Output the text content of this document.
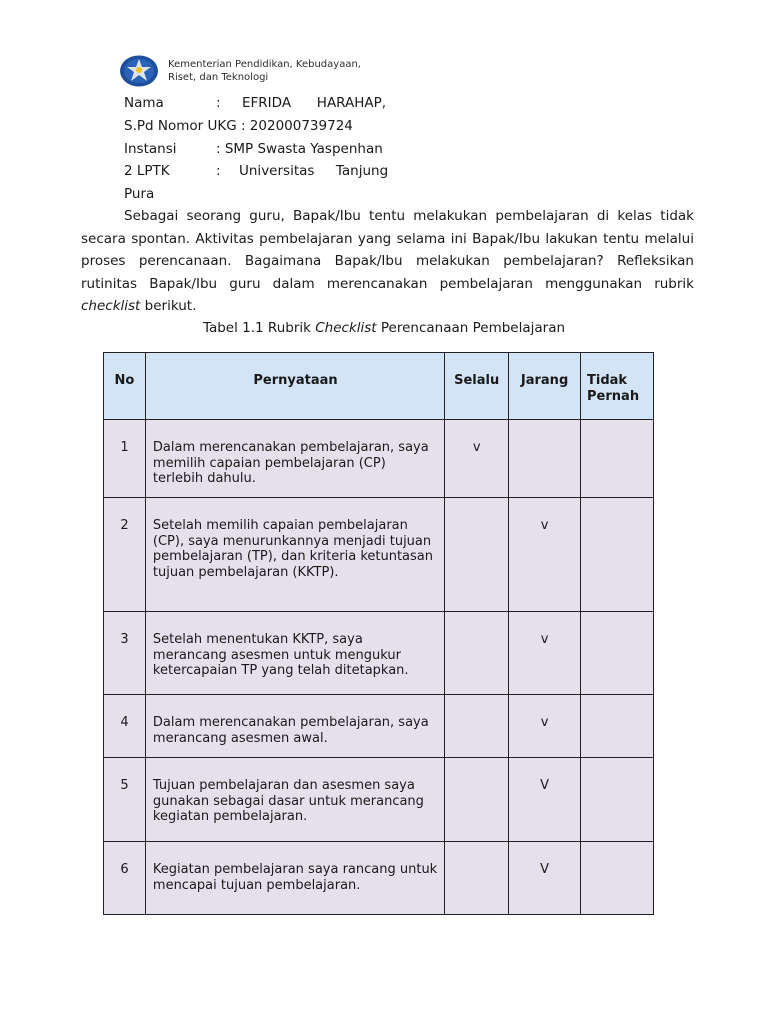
Kementerian Pendidikan, Kebudayaan,
Riset, dan Teknologi
Nama	: EFRIDA      HARAHAP,
S.Pd Nomor UKG : 202000739724
Instansi	: SMP Swasta Yaspenhan
2 LPTK	: Universitas     Tanjung
Pura
Sebagai seorang guru, Bapak/Ibu tentu melakukan pembelajaran di kelas tidak secara spontan. Aktivitas pembelajaran yang selama ini Bapak/Ibu lakukan tentu melalui proses perencanaan. Bagaimana Bapak/Ibu melakukan pembelajaran? Refleksikan rutinitas Bapak/Ibu guru dalam merencanakan pembelajaran menggunakan rubrik checklist berikut.
Tabel 1.1 Rubrik Checklist Perencanaan Pembelajaran
No	Pernyataan	Selalu	Jarang	Tidak Pernah
1	Dalam merencanakan pembelajaran, saya memilih capaian pembelajaran (CP) terlebih dahulu.	v		
2	Setelah memilih capaian pembelajaran (CP), saya menurunkannya menjadi tujuan pembelajaran (TP), dan kriteria ketuntasan tujuan pembelajaran (KKTP).		v	
3	Setelah menentukan KKTP, saya merancang asesmen untuk mengukur ketercapaian TP yang telah ditetapkan.		v	
4	Dalam merencanakan pembelajaran, saya merancang asesmen awal.		v	
5	Tujuan pembelajaran dan asesmen saya gunakan sebagai dasar untuk merancang kegiatan pembelajaran.		V	
6	Kegiatan pembelajaran saya rancang untuk mencapai tujuan pembelajaran.		V	
